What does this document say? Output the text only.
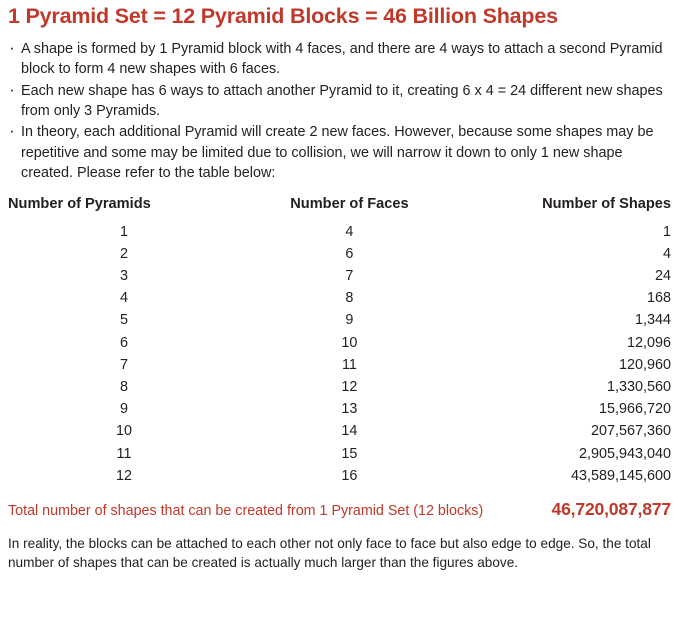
1 Pyramid Set = 12 Pyramid Blocks = 46 Billion Shapes
· A shape is formed by 1 Pyramid block with 4 faces, and there are 4 ways to attach a second Pyramid block to form 4 new shapes with 6 faces.
· Each new shape has 6 ways to attach another Pyramid to it, creating 6 x 4 = 24 different new shapes from only 3 Pyramids.
· In theory, each additional Pyramid will create 2 new faces. However, because some shapes may be repetitive and some may be limited due to collision, we will narrow it down to only 1 new shape created. Please refer to the table below:
Number of Pyramids	Number of Faces	Number of Shapes
1	4	1
2	6	4
3	7	24
4	8	168
5	9	1,344
6	10	12,096
7	11	120,960
8	12	1,330,560
9	13	15,966,720
10	14	207,567,360
11	15	2,905,943,040
12	16	43,589,145,600
Total number of shapes that can be created from 1 Pyramid Set (12 blocks)	46,720,087,877
In reality, the blocks can be attached to each other not only face to face but also edge to edge. So, the total number of shapes that can be created is actually much larger than the figures above.
